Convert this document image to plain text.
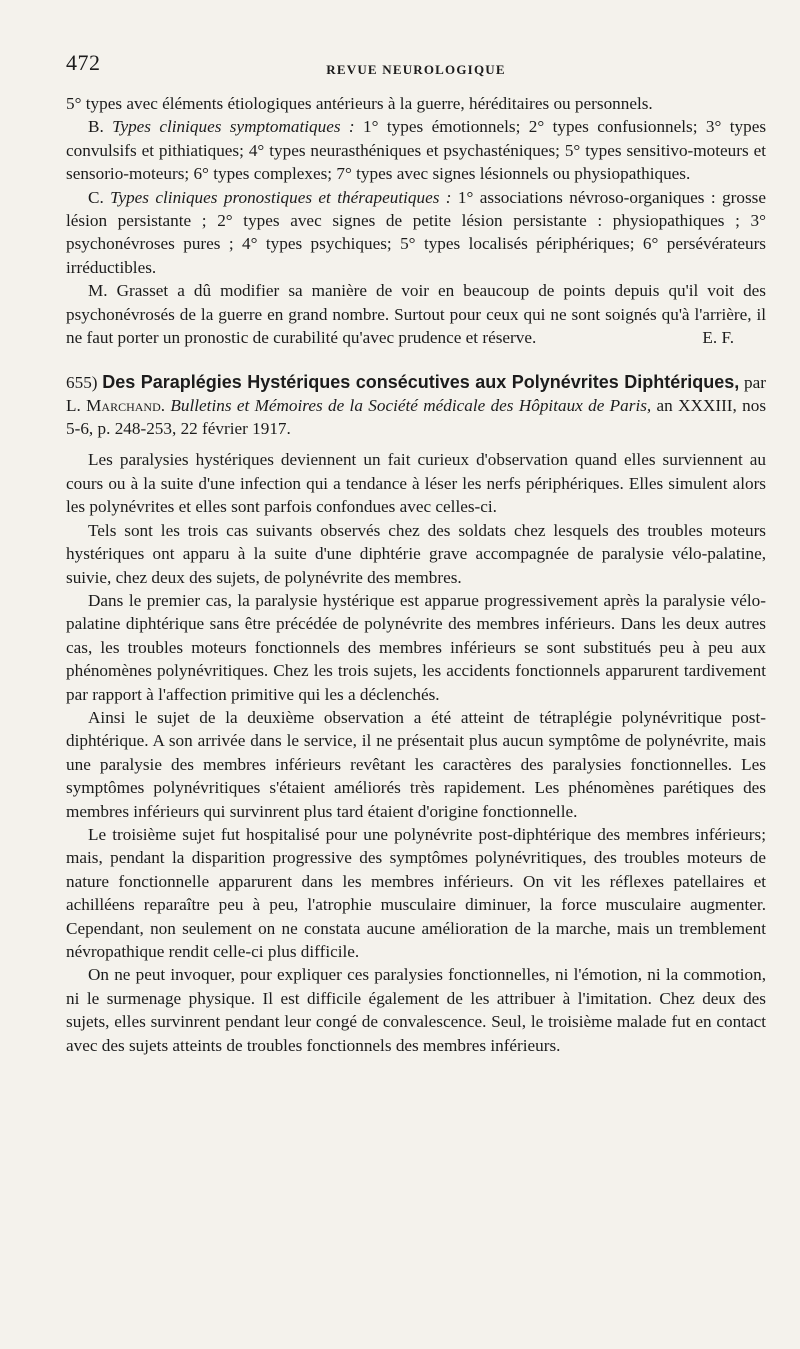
472	REVUE NEUROLOGIQUE

5° types avec éléments étiologiques antérieurs à la guerre, héréditaires ou personnels.

B. Types cliniques symptomatiques : 1° types émotionnels; 2° types confusionnels; 3° types convulsifs et pithiatiques; 4° types neurasthéniques et psychasténiques; 5° types sensitivo-moteurs et sensorio-moteurs; 6° types complexes; 7° types avec signes lésionnels ou physiopathiques.

C. Types cliniques pronostiques et thérapeutiques : 1° associations névroso-organiques : grosse lésion persistante ; 2° types avec signes de petite lésion persistante : physiopathiques ; 3° psychonévroses pures ; 4° types psychiques; 5° types localisés périphériques; 6° persévérateurs irréductibles.

M. Grasset a dû modifier sa manière de voir en beaucoup de points depuis qu'il voit des psychonévrosés de la guerre en grand nombre. Surtout pour ceux qui ne sont soignés qu'à l'arrière, il ne faut porter un pronostic de curabilité qu'avec prudence et réserve.	E. F.

655) Des Paraplégies Hystériques consécutives aux Polynévrites Diphtériques, par L. Marchand. Bulletins et Mémoires de la Société médicale des Hôpitaux de Paris, an XXXIII, nos 5-6, p. 248-253, 22 février 1917.

Les paralysies hystériques deviennent un fait curieux d'observation quand elles surviennent au cours ou à la suite d'une infection qui a tendance à léser les nerfs périphériques. Elles simulent alors les polynévrites et elles sont parfois confondues avec celles-ci.

Tels sont les trois cas suivants observés chez des soldats chez lesquels des troubles moteurs hystériques ont apparu à la suite d'une diphtérie grave accompagnée de paralysie vélo-palatine, suivie, chez deux des sujets, de polynévrite des membres.

Dans le premier cas, la paralysie hystérique est apparue progressivement après la paralysie vélo-palatine diphtérique sans être précédée de polynévrite des membres inférieurs. Dans les deux autres cas, les troubles moteurs fonctionnels des membres inférieurs se sont substitués peu à peu aux phénomènes polynévritiques. Chez les trois sujets, les accidents fonctionnels apparurent tardivement par rapport à l'affection primitive qui les a déclenchés.

Ainsi le sujet de la deuxième observation a été atteint de tétraplégie polynévritique post-diphtérique. A son arrivée dans le service, il ne présentait plus aucun symptôme de polynévrite, mais une paralysie des membres inférieurs revêtant les caractères des paralysies fonctionnelles. Les symptômes polynévritiques s'étaient améliorés très rapidement. Les phénomènes parétiques des membres inférieurs qui survinrent plus tard étaient d'origine fonctionnelle.

Le troisième sujet fut hospitalisé pour une polynévrite post-diphtérique des membres inférieurs; mais, pendant la disparition progressive des symptômes polynévritiques, des troubles moteurs de nature fonctionnelle apparurent dans les membres inférieurs. On vit les réflexes patellaires et achilléens reparaître peu à peu, l'atrophie musculaire diminuer, la force musculaire augmenter. Cependant, non seulement on ne constata aucune amélioration de la marche, mais un tremblement névropathique rendit celle-ci plus difficile.

On ne peut invoquer, pour expliquer ces paralysies fonctionnelles, ni l'émotion, ni la commotion, ni le surmenage physique. Il est difficile également de les attribuer à l'imitation. Chez deux des sujets, elles survinrent pendant leur congé de convalescence. Seul, le troisième malade fut en contact avec des sujets atteints de troubles fonctionnels des membres inférieurs.
